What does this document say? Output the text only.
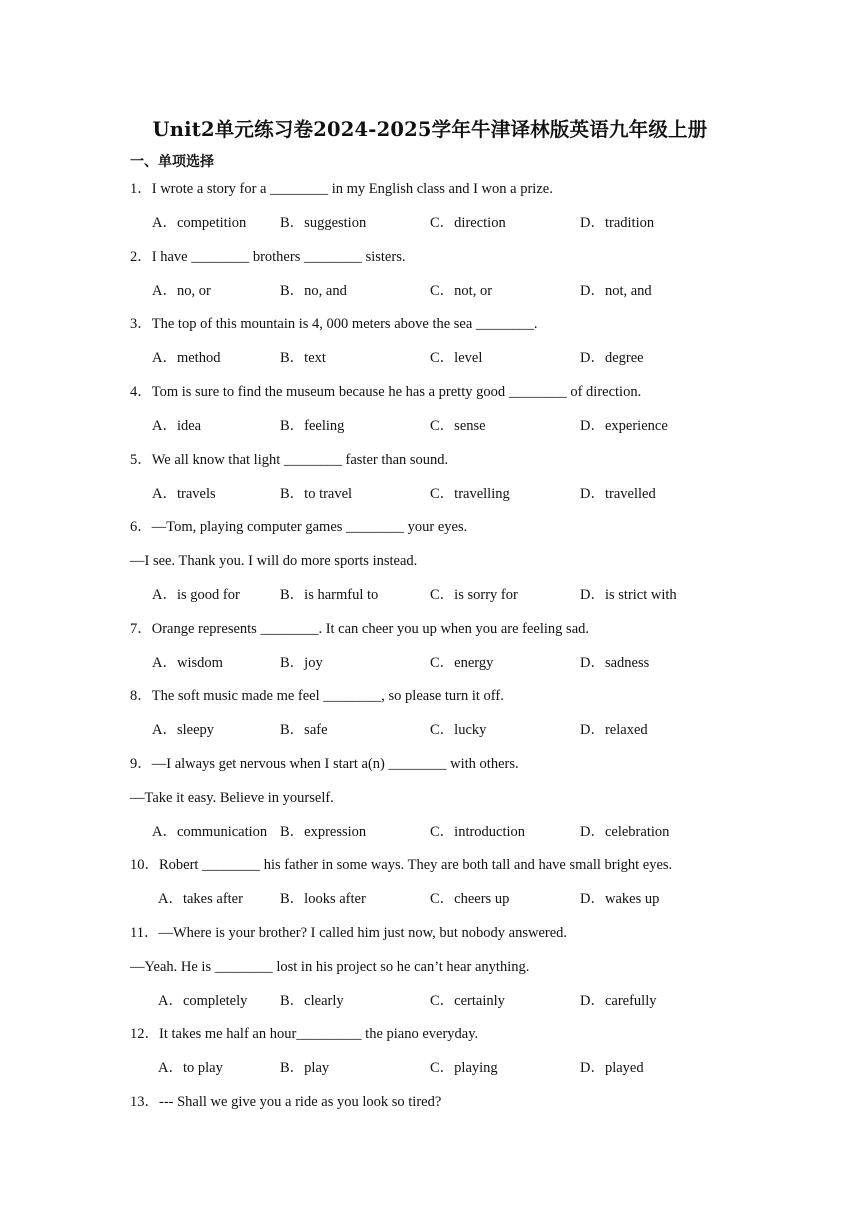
Unit2单元练习卷2024-2025学年牛津译林版英语九年级上册
一、单项选择
1．I wrote a story for a ________ in my English class and I won a prize.
A．competition B．suggestion	C．direction	D．tradition
2．I have ________ brothers ________ sisters.
A．no, or	B．no, and	C．not, or	D．not, and
3．The top of this mountain is 4, 000 meters above the sea ________.
A．method	B．text	C．level	D．degree
4．Tom is sure to find the museum because he has a pretty good ________ of direction.
A．idea	B．feeling	C．sense	D．experience
5．We all know that light ________ faster than sound.
A．travels	B．to travel	C．travelling	D．travelled
6．—Tom, playing computer games ________ your eyes.
—I see. Thank you. I will do more sports instead.
A．is good for	B．is harmful to	C．is sorry for	D．is strict with
7．Orange represents ________. It can cheer you up when you are feeling sad.
A．wisdom	B．joy	C．energy	D．sadness
8．The soft music made me feel ________, so please turn it off.
A．sleepy	B．safe	C．lucky	D．relaxed
9．—I always get nervous when I start a(n) ________ with others.
—Take it easy. Believe in yourself.
A．communication B．expression	C．introduction	D．celebration
10．Robert ________ his father in some ways. They are both tall and have small bright eyes.
A．takes after	B．looks after	C．cheers up	D．wakes up
11．—Where is your brother? I called him just now, but nobody answered.
—Yeah. He is ________ lost in his project so he can’t hear anything.
A．completely B．clearly	C．certainly	D．carefully
12．It takes me half an hour_________ the piano everyday.
A．to play	B．play	C．playing	D．played
13．--- Shall we give you a ride as you look so tired?
